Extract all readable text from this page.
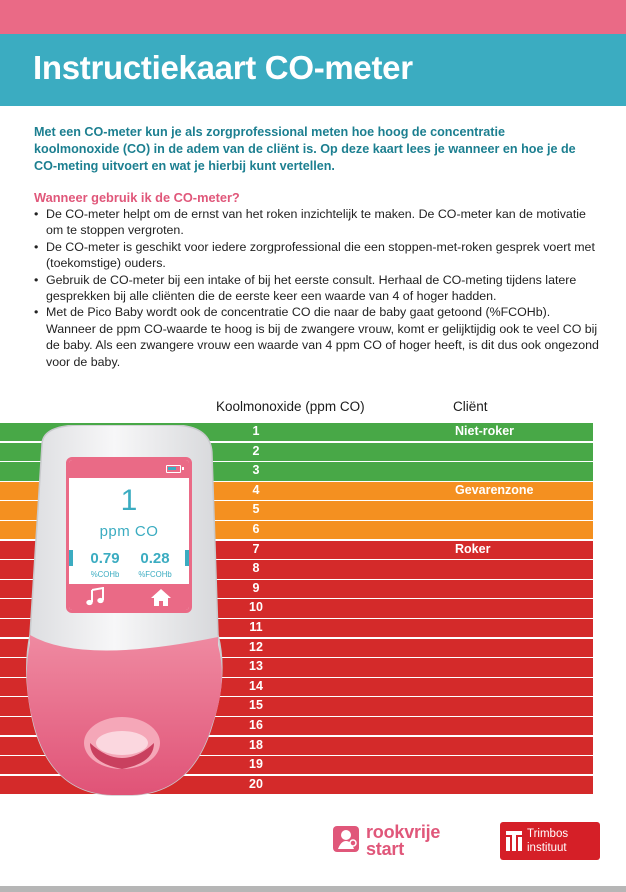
Instructiekaart CO-meter

Met een CO-meter kun je als zorgprofessional meten hoe hoog de concentratie koolmonoxide (CO) in de adem van de cliënt is. Op deze kaart lees je wanneer en hoe je de CO-meting uitvoert en wat je hierbij kunt vertellen.

Wanneer gebruik ik de CO-meter?
• De CO-meter helpt om de ernst van het roken inzichtelijk te maken. De CO-meter kan de motivatie om te stoppen vergroten.
• De CO-meter is geschikt voor iedere zorgprofessional die een stoppen-met-roken gesprek voert met (toekomstige) ouders.
• Gebruik de CO-meter bij een intake of bij het eerste consult. Herhaal de CO-meting tijdens latere gesprekken bij alle cliënten die de eerste keer een waarde van 4 of hoger hadden.
• Met de Pico Baby wordt ook de concentratie CO die naar de baby gaat getoond (%FCOHb). Wanneer de ppm CO-waarde te hoog is bij de zwangere vrouw, komt er gelijktijdig ook te veel CO bij de baby. Als een zwangere vrouw een waarde van 4 ppm CO of hoger heeft, is dit dus ook ongezond voor de baby.
Koolmonoxide (ppm CO)	Cliënt
1	Niet-roker
2
3
4	Gevarenzone
5
6
7	Roker
8
9
10
11
12
13
14
15
16
18
19
20
1
ppm CO
0.79	0.28
%COHb	%FCOHb
rookvrije
start
Trimbos
instituut
